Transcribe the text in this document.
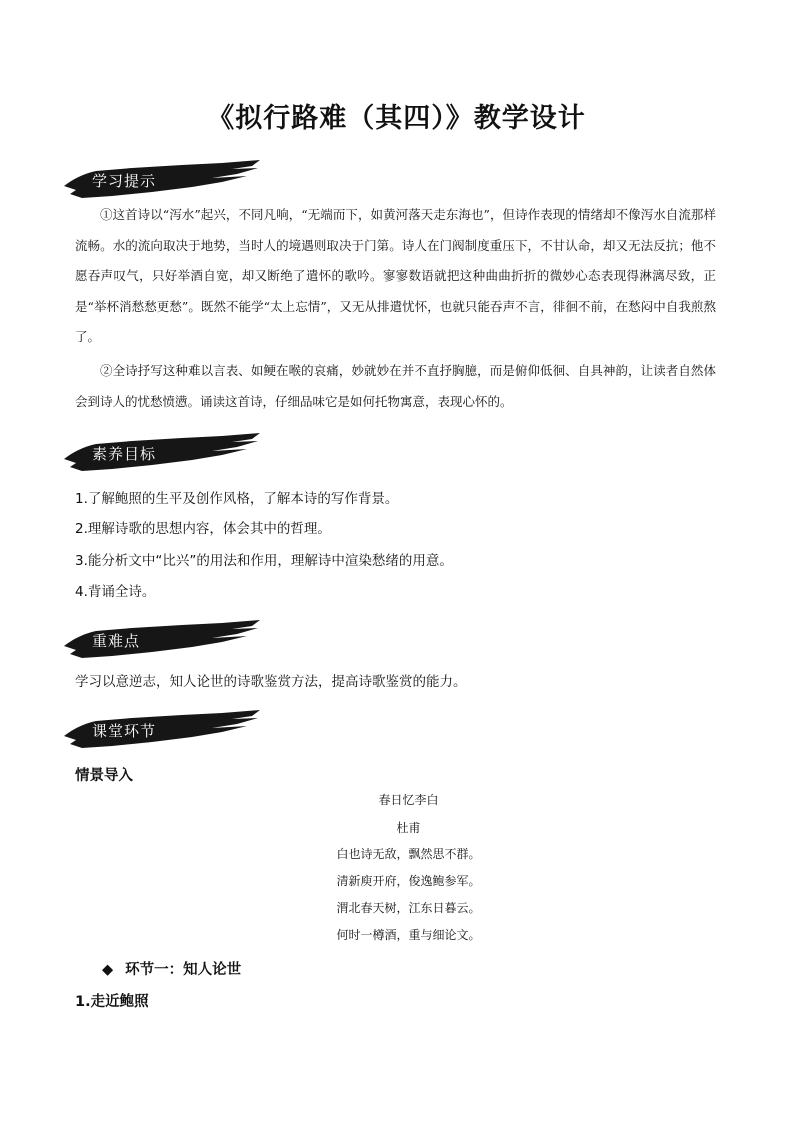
《拟行路难（其四）》教学设计
学习提示
①这首诗以“泻水”起兴，不同凡响，“无端而下，如黄河落天走东海也”，但诗作表现的情绪却不像泻水自流那样流畅。水的流向取决于地势，当时人的境遇则取决于门第。诗人在门阀制度重压下，不甘认命，却又无法反抗；他不愿吞声叹气，只好举酒自宽，却又断绝了遣怀的歌吟。寥寥数语就把这种曲曲折折的微妙心态表现得淋漓尽致，正是“举杯消愁愁更愁”。既然不能学“太上忘情”，又无从排遣忧怀，也就只能吞声不言，徘徊不前，在愁闷中自我煎熬了。
②全诗抒写这种难以言表、如鲠在喉的哀痛，妙就妙在并不直抒胸臆，而是俯仰低徊、自具神韵，让读者自然体会到诗人的忧愁愤懑。诵读这首诗，仔细品味它是如何托物寓意，表现心怀的。
素养目标
1.了解鲍照的生平及创作风格，了解本诗的写作背景。
2.理解诗歌的思想内容，体会其中的哲理。
3.能分析文中“比兴”的用法和作用，理解诗中渲染愁绪的用意。
4.背诵全诗。
重难点
学习以意逆志，知人论世的诗歌鉴赏方法，提高诗歌鉴赏的能力。
课堂环节
情景导入
春日忆李白
杜甫
白也诗无敌，飘然思不群。
清新庾开府，俊逸鲍参军。
渭北春天树，江东日暮云。
何时一樽酒，重与细论文。
◆ 环节一：知人论世
1.走近鲍照
